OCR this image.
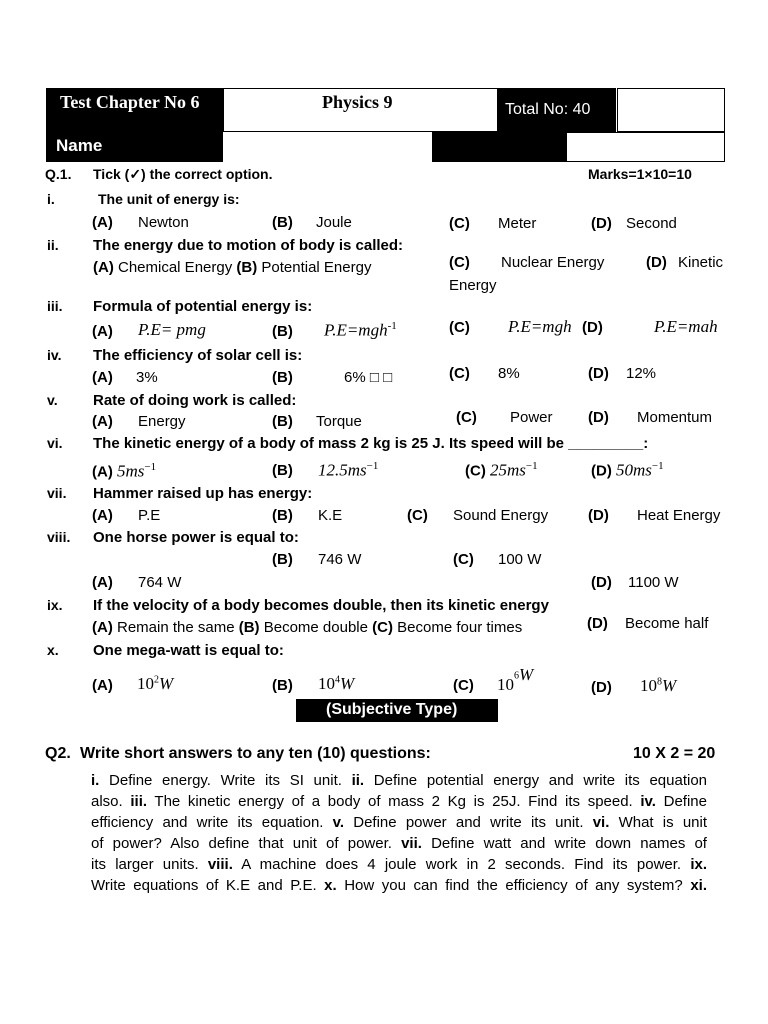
Test Chapter No 6	Physics 9	Total No: 40
Name
Q.1. Tick (✓) the correct option.	Marks=1×10=10
i.	The unit of energy is:
(A) Newton	(B) Joule	(C) Meter	(D) Second
ii. The energy due to motion of body is called:
(A) Chemical Energy (B) Potential Energy	(C) Nuclear Energy	(D) Kinetic
Energy
iii. Formula of potential energy is:
(A) P.E= pmg	(B) P.E=mgh$^{-1}$	(C) P.E=mgh (D)	P.E=mah
iv. The efficiency of solar cell is:
(A) 3%	(B)	6% □ □	(C) 8%	(D) 12%
v. Rate of doing work is called:
(A) Energy	(B) Torque	(C) Power (D) Momentum
vi. The kinetic energy of a body of mass 2 kg is 25 J. Its speed will be _________:
(A) $5ms^{-1}$	(B) $12.5ms^{-1}$	(C) $25ms^{-1}$	(D) $50ms^{-1}$
vii. Hammer raised up has energy:
(A) P.E	(B) K.E	(C) Sound Energy	(D) Heat Energy
viii. One horse power is equal to:
(B) 746 W	(C) 100 W
(A) 764 W	(D) 1100 W
ix. If the velocity of a body becomes double, then its kinetic energy
(A) Remain the same (B) Become double (C) Become four times	(D) Become half
x. One mega-watt is equal to:
(A) $10^2W$	(B) $10^4W$	(C) $10^6W$
(D) $10^8W$
(Subjective Type)
Q2. Write short answers to any ten (10) questions:	10 X 2 = 20
i. Define energy. Write its SI unit. ii. Define potential energy and write its equation
also. iii. The kinetic energy of a body of mass 2 Kg is 25J. Find its speed. iv. Define
efficiency and write its equation. v. Define power and write its unit. vi. What is unit
of power? Also define that unit of power. vii. Define watt and write down names of
its larger units. viii. A machine does 4 joule work in 2 seconds. Find its power. ix.
Write equations of K.E and P.E. x. How you can find the efficiency of any system? xi.
